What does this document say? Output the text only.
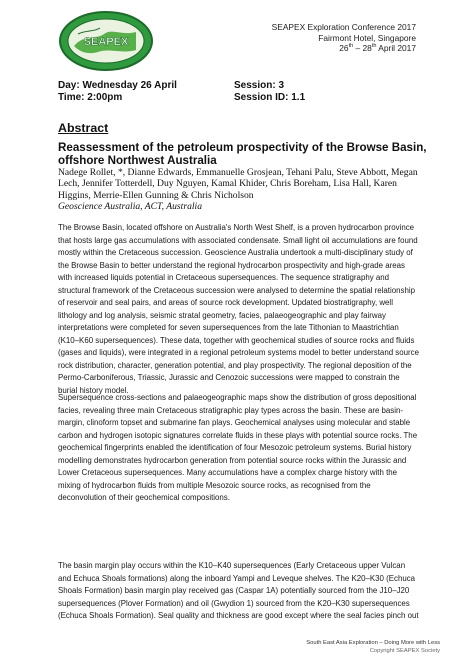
SEAPEX
SEAPEX Exploration Conference 2017
Fairmont Hotel, Singapore
26th – 28th April 2017
Day: Wednesday 26 April
Time: 2:00pm
Session: 3
Session ID: 1.1
Abstract
Reassessment of the petroleum prospectivity of the Browse Basin, offshore Northwest Australia
Nadege Rollet, *, Dianne Edwards, Emmanuelle Grosjean, Tehani Palu, Steve Abbott, Megan Lech, Jennifer Totterdell, Duy Nguyen, Kamal Khider, Chris Boreham, Lisa Hall, Karen Higgins, Merrie-Ellen Gunning & Chris Nicholson
Geoscience Australia, ACT, Australia
The Browse Basin, located offshore on Australia's North West Shelf, is a proven hydrocarbon province that hosts large gas accumulations with associated condensate. Small light oil accumulations are found mostly within the Cretaceous succession. Geoscience Australia undertook a multi-disciplinary study of the Browse Basin to better understand the regional hydrocarbon prospectivity and high-grade areas with increased liquids potential in Cretaceous supersequences. The sequence stratigraphy and structural framework of the Cretaceous succession were analysed to determine the spatial relationship of reservoir and seal pairs, and areas of source rock development. Updated biostratigraphy, well lithology and log analysis, seismic stratal geometry, facies, palaeogeographic and play fairway interpretations were completed for seven supersequences from the late Tithonian to Maastrichtian (K10–K60 supersequences). These data, together with geochemical studies of source rocks and fluids (gases and liquids), were integrated in a regional petroleum systems model to better understand source rock distribution, character, generation potential, and play prospectivity. The regional deposition of the Permo-Carboniferous, Triassic, Jurassic and Cenozoic successions were mapped to constrain the burial history model.
Supersequence cross-sections and palaeogeographic maps show the distribution of gross depositional facies, revealing three main Cretaceous stratigraphic play types across the basin. These are basin-margin, clinoform topset and submarine fan plays. Geochemical analyses using molecular and stable carbon and hydrogen isotopic signatures correlate fluids in these plays with potential source rocks. The geochemical fingerprints enabled the identification of four Mesozoic petroleum systems. Burial history modelling demonstrates hydrocarbon generation from potential source rocks within the Jurassic and Lower Cretaceous supersequences. Many accumulations have a complex charge history with the mixing of hydrocarbon fluids from multiple Mesozoic source rocks, as recognised from the deconvolution of their geochemical compositions.
The basin margin play occurs within the K10–K40 supersequences (Early Cretaceous upper Vulcan and Echuca Shoals formations) along the inboard Yampi and Leveque shelves. The K20–K30 (Echuca Shoals Formation) basin margin play received gas (Caspar 1A) potentially sourced from the J10–J20 supersequences (Plover Formation) and oil (Gwydion 1) sourced from the K20–K30 supersequences (Echuca Shoals Formation). Seal quality and thickness are good except where the seal facies pinch out
South East Asia Exploration – Doing More with Less
Copyright SEAPEX Society
